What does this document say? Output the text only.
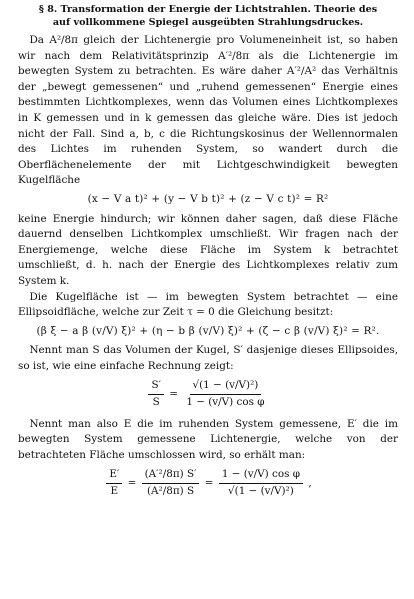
§ 8. Transformation der Energie der Lichtstrahlen. Theorie des
auf vollkommene Spiegel ausgeübten Strahlungsdruckes.

Da A²/8π gleich der Lichtenergie pro Volumeneinheit ist, so haben wir nach dem Relativitätsprinzip A′²/8π als die Lichtenergie im bewegten System zu betrachten. Es wäre daher A′²/A² das Verhältnis der „bewegt gemessenen“ und „ruhend gemessenen“ Energie eines bestimmten Lichtkomplexes, wenn das Volumen eines Lichtkomplexes in K gemessen und in k gemessen das gleiche wäre. Dies ist jedoch nicht der Fall. Sind a, b, c die Richtungskosinus der Wellennormalen des Lichtes im ruhenden System, so wandert durch die Oberflächenelemente der mit Lichtgeschwindigkeit bewegten Kugelfläche

(x − V a t)² + (y − V b t)² + (z − V c t)² = R²

keine Energie hindurch; wir können daher sagen, daß diese Fläche dauernd denselben Lichtkomplex umschließt. Wir fragen nach der Energiemenge, welche diese Fläche im System k betrachtet umschließt, d. h. nach der Energie des Lichtkomplexes relativ zum System k.

Die Kugelfläche ist — im bewegten System betrachtet — eine Ellipsoidfläche, welche zur Zeit τ = 0 die Gleichung besitzt:

(β ξ − a β (v/V) ξ)² + (η − b β (v/V) ξ)² + (ζ − c β (v/V) ξ)² = R².

Nennt man S das Volumen der Kugel, S′ dasjenige dieses Ellipsoides, so ist, wie eine einfache Rechnung zeigt:

$\frac{S'}{S} = \frac{\text{√(1 − (v/V)²)}}{\text{1 − (v/V) cos φ}}$

Nennt man also E die im ruhenden System gemessene, E′ die im bewegten System gemessene Lichtenergie, welche von der betrachteten Fläche umschlossen wird, so erhält man:

$\frac{E'}{E} = \frac{\text{(A′²/8π) S′}}{\text{(A²/8π) S}} = \frac{\text{1 − (v/V) cos φ}}{\text{√(1 − (v/V)²)}}$ ,
